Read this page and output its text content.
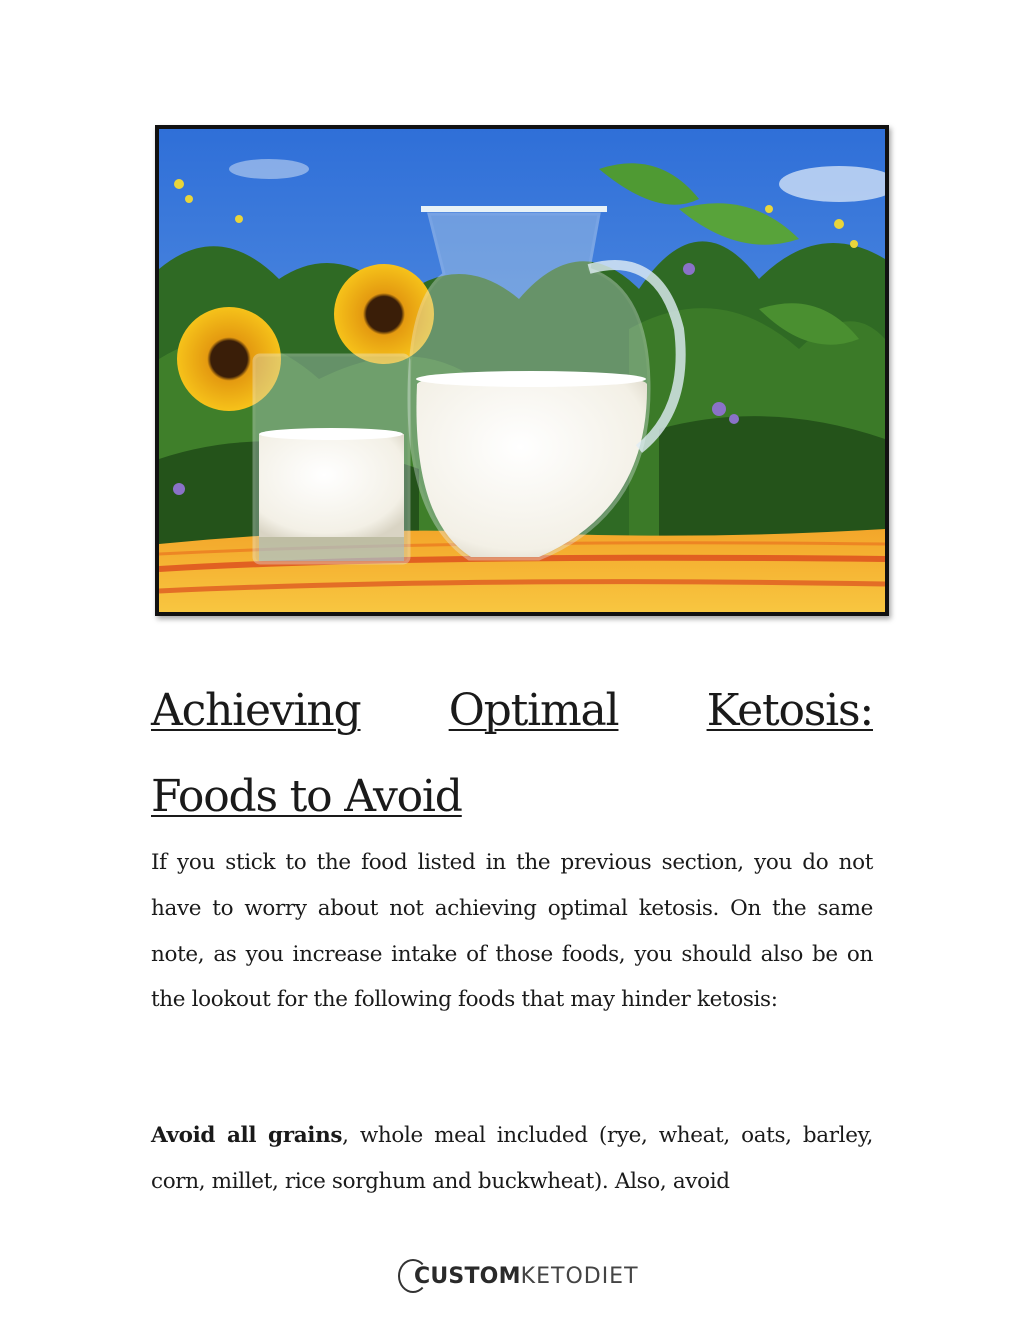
Achieving Optimal Ketosis:
Foods to Avoid

If you stick to the food listed in the previous section, you do not have to worry about not achieving optimal ketosis. On the same note, as you increase intake of those foods, you should also be on the lookout for the following foods that may hinder ketosis:

Avoid all grains, whole meal included (rye, wheat, oats, barley, corn, millet, rice sorghum and buckwheat). Also, avoid

CUSTOM KETODIET
